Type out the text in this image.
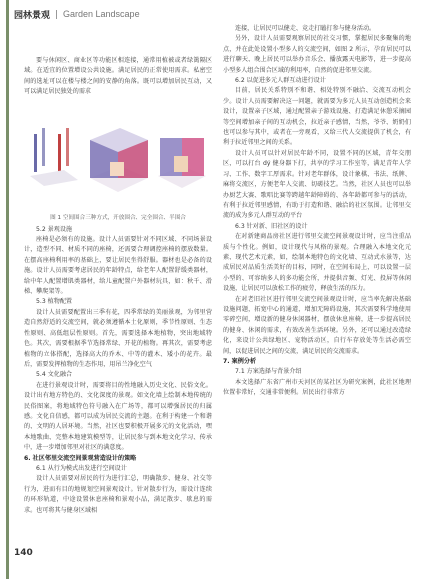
园林景观 Garden Landscape

要与休闲区、商业区等功能区相连接，通常用植被或者绿篱隔区域。在适宜的位置增设公共设施。满足居民的正常使用需求。私密空间的选址可以在楼与楼之间的安静的角落。既可以增加居民互动，又可以满足居民独处的需求

图 1 空间围合三种方式，开放围合、完全围合、半围合

5.2 景观设施

座椅是必须有的设施。设计人员需要针对不同区域、不同场景设计，造型不同、材质不同的座椅，还需要合理调控座椅的摆放数量。在摆高座椅利用率的基础上，要让居民坐得舒服。器材也是必备的设施。设计人员需要考虑居民的年龄特点，给老年人配置舒缓类器材，给中年人配置增肌类器材，给儿童配置户外器材玩具，如：秋千、滑梯、攀爬架等。

5.3 植物配置

设计人员需要配置出三季有花，四季常绿的美丽景观，为邻里营造自然舒适的交流空间，就必须遵循本土化原则，季节性原则、生态性原则、高低组层性原则。首先，需要选择本地植物，突出地域特色。其次，需要根据季节选择常绿、开花的植物。再其次，需要考虑植物的立体搭配，选择高大的乔木、中等的灌木、矮小的花卉。最后，需要发挥植物的生态作用，用吊兰净化空气

5.4 文化融合

在进行景观设计时，需要将目的性地融入历史文化、民俗文化。设计出有地方特色的、文化深度的景观。如文化墙上绘制本地传统的民俗图案，将地域特色符号融入在广场等，都可以增强居民的归属感。文化自信感，都可以成为居民交流的主题。在利于构建一个和谐的、文明的人居环境。当然，社区也要积极开展多元的文化活动，嘿本地歌曲、完整本地建筑模型等，让居民参与到本地文化学习、传承中，进一步增加邻里对社区的满意度。

6. 社区邻里交流空间景观营造设计的策略

6.1 从行为模式出发进行空间设计

设计人员需要对居民的行为进行汇总，明确散步、健身、社交等行为，进而有目的地规划空间景观设计。针对散步行为，需设计连续的环形轨道，中途设置休息座椅和景观小品，满足散步、歇息的需求。也可将其与健身区域相

连接，让居民可以健走、竞走打瞌打参与健身活动。

另外，设计人员需要观察居民的社交习惯，掌握居民多聚集的地点，并在此处设置小型多人的交流空间，如图 2 所示，孕育居民可以进行聊天、晚上居民可以举办音乐会、播放露天电影等，进一步提高小型多人组合围合区域的利用率，自然的促进邻里交流。

6.2 以促进多元人群互动进行设计

目前，居民关系特别不和谐、相处特别不融洽、交流互动机会少。设计人员需要解决这一问题，就需要为多元人员互动创造机会来设计，设置亲子区域，通过配置亲子游戏设施、打造满足休憩采摘园等空间增加亲子间的互动机会，拉近亲子感情，当然，爷爷、奶奶们也可以参与其中，或者在一旁观看，又给三代人交流提供了机会，有利于拉近邻里之间的关系。

设计人员可以针对居民年龄不同，设置不同的区域，青年交朋区，可以打台 dý 健身器下打，共享的学习工作室等，满足青年人学习、工作、数字工厚需求。针对老年群体，设计象棋、书法、纸牌、麻将交流区，方便老年人交流、切磋技艺。当然，社区人员也可以举办厨艺大赛、歌唱比赛等跨越年龄障碍的、各年龄都可参与的活动，有利于拉近邻里感情，有助于打造和谐、融洽的社区氛围。让邻里交流的成为多元人群互动的平台

6.3 针对新、旧社区的设计

在对新建商品房社区进行邻里交流空间景观设计时，应当注重品质与个性化。例如，设计现代与风格的景观。合理融入本地文化元素、现代艺术元素，如，绘制本地特色的文化墙、互动式水景等，达成居民对品质生活美好的目标，同时，在空间布局上，可以设置一层小型的、可容纳多人的多功能会所，并提供音频、灯光、投屏等休闲设施，让居民可以放松工作的疲劳，释放生活的压力。

在对老旧社区进行邻里交流空间景观设计时，应当率先解决基础设施问题，拓宽中心的通道，增加无障碍设施，其次需要科学地使用零碎空间，增设新的健身休闲器材，摆放休息座椅，进一步提高居民的健身、休闲的需求，有效改善生活环境。另外，还可以通过改造绿化，来设计公共绿地区、宠物活动区，自行车存放处等生活必需空间，以促进居民之间的交流，满足居民的交流需求。

7. 案例分析

7.1 方案选择与背景介绍

本文选择广东省广州市天河区的某社区为研究案例，此社区地理位置非常好，交通非常便利。居民出行非常方

140
